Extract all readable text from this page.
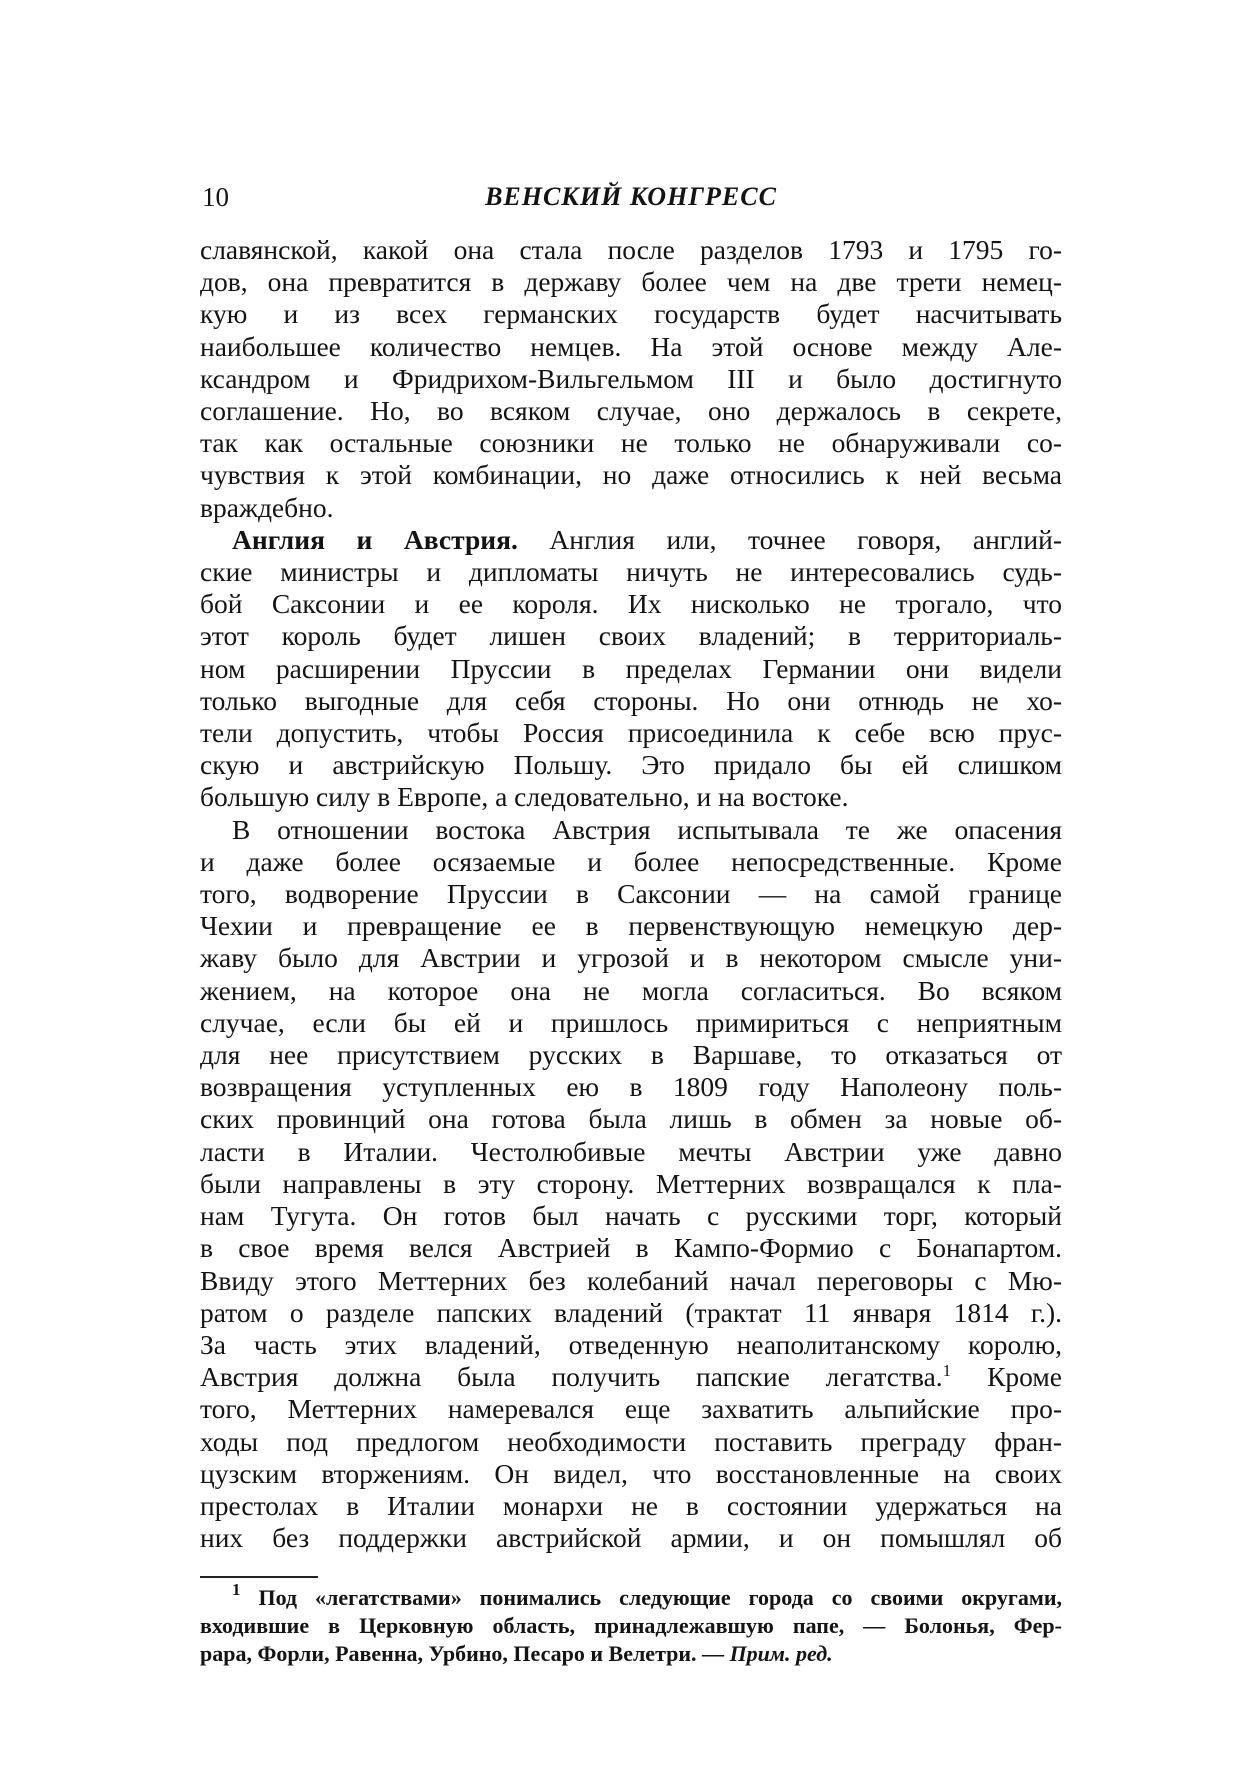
10	ВЕНСКИЙ КОНГРЕСС

славянской, какой она стала после разделов 1793 и 1795 го-
дов, она превратится в державу более чем на две трети немец-
кую и из всех германских государств будет насчитывать
наибольшее количество немцев. На этой основе между Але-
ксандром и Фридрихом-Вильгельмом III и было достигнуто
соглашение. Но, во всяком случае, оно держалось в секрете,
так как остальные союзники не только не обнаруживали со-
чувствия к этой комбинации, но даже относились к ней весьма
враждебно.

Англия и Австрия. Англия или, точнее говоря, англий-
ские министры и дипломаты ничуть не интересовались судь-
бой Саксонии и ее короля. Их нисколько не трогало, что
этот король будет лишен своих владений; в территориаль-
ном расширении Пруссии в пределах Германии они видели
только выгодные для себя стороны. Но они отнюдь не хо-
тели допустить, чтобы Россия присоединила к себе всю прус-
скую и австрийскую Польшу. Это придало бы ей слишком
большую силу в Европе, а следовательно, и на востоке.

В отношении востока Австрия испытывала те же опасения
и даже более осязаемые и более непосредственные. Кроме
того, водворение Пруссии в Саксонии — на самой границе
Чехии и превращение ее в первенствующую немецкую дер-
жаву было для Австрии и угрозой и в некотором смысле уни-
жением, на которое она не могла согласиться. Во всяком
случае, если бы ей и пришлось примириться с неприятным
для нее присутствием русских в Варшаве, то отказаться от
возвращения уступленных ею в 1809 году Наполеону поль-
ских провинций она готова была лишь в обмен за новые об-
ласти в Италии. Честолюбивые мечты Австрии уже давно
были направлены в эту сторону. Меттерних возвращался к пла-
нам Тугута. Он готов был начать с русскими торг, который
в свое время велся Австрией в Кампо-Формио с Бонапартом.
Ввиду этого Меттерних без колебаний начал переговоры с Мю-
ратом о разделе папских владений (трактат 11 января 1814 г.).
За часть этих владений, отведенную неаполитанскому королю,
Австрия должна была получить папские легатства.$^1$ Кроме
того, Меттерних намеревался еще захватить альпийские про-
ходы под предлогом необходимости поставить преграду фран-
цузским вторжениям. Он видел, что восстановленные на своих
престолах в Италии монархи не в состоянии удержаться на
них без поддержки австрийской армии, и он помышлял об

$^1$ Под «легатствами» понимались следующие города со своими округами,
входившие в Церковную область, принадлежавшую папе, — Болонья, Фер-
рара, Форли, Равенна, Урбино, Песаро и Велетри. — Прим. ред.
